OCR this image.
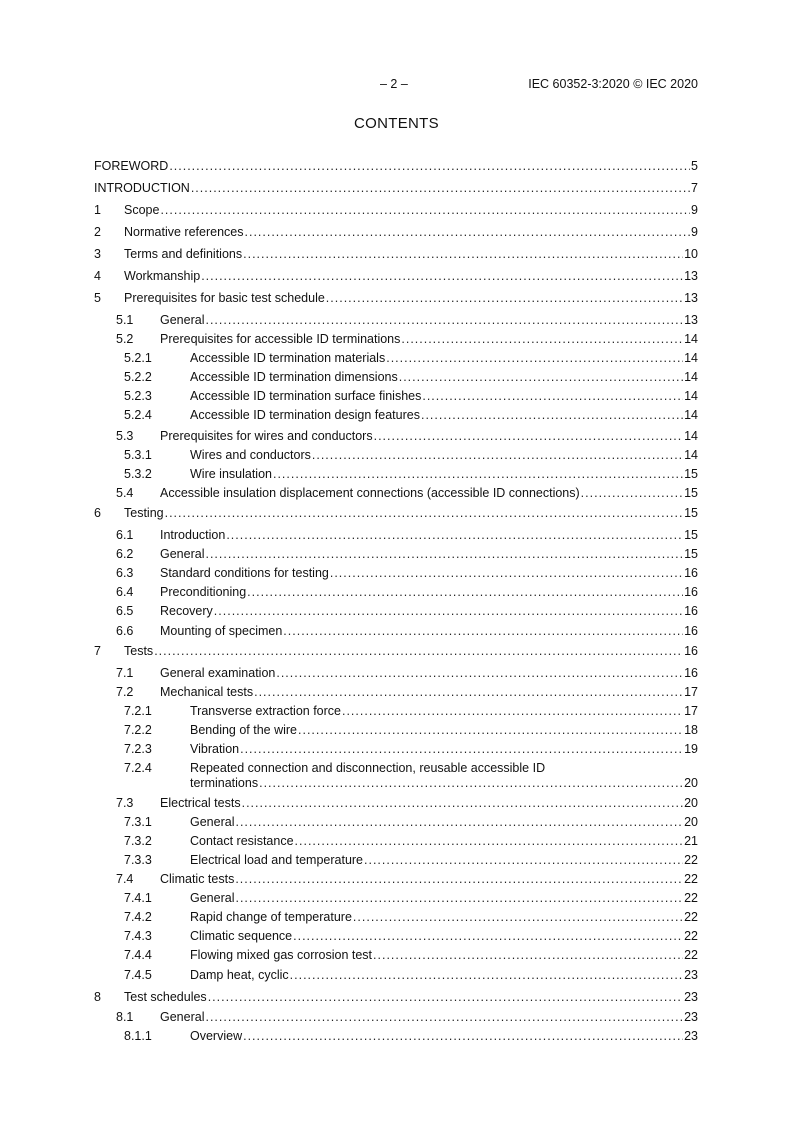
– 2 –	IEC 60352-3:2020 © IEC 2020
CONTENTS
FOREWORD .....	5
INTRODUCTION .....	7
1 Scope .....	9
2 Normative references .....	9
3 Terms and definitions .....	10
4 Workmanship .....	13
5 Prerequisites for basic test schedule .....	13
5.1 General .....	13
5.2 Prerequisites for accessible ID terminations .....	14
5.2.1	Accessible ID termination materials .....	14
5.2.2	Accessible ID termination dimensions .....	14
5.2.3	Accessible ID termination surface finishes .....	14
5.2.4	Accessible ID termination design features .....	14
5.3 Prerequisites for wires and conductors .....	14
5.3.1	Wires and conductors .....	14
5.3.2	Wire insulation .....	15
5.4 Accessible insulation displacement connections (accessible ID connections) .....	15
6 Testing .....	15
6.1 Introduction .....	15
6.2 General .....	15
6.3 Standard conditions for testing .....	16
6.4 Preconditioning .....	16
6.5 Recovery .....	16
6.6 Mounting of specimen .....	16
7 Tests .....	16
7.1 General examination .....	16
7.2 Mechanical tests .....	17
7.2.1	Transverse extraction force .....	17
7.2.2	Bending of the wire .....	18
7.2.3	Vibration .....	19
7.2.4	Repeated connection and disconnection, reusable accessible ID
terminations .....	20
7.3 Electrical tests .....	20
7.3.1	General .....	20
7.3.2	Contact resistance .....	21
7.3.3	Electrical load and temperature .....	22
7.4 Climatic tests .....	22
7.4.1	General .....	22
7.4.2	Rapid change of temperature .....	22
7.4.3	Climatic sequence .....	22
7.4.4	Flowing mixed gas corrosion test .....	22
7.4.5	Damp heat, cyclic .....	23
8 Test schedules .....	23
8.1 General .....	23
8.1.1	Overview .....	23
